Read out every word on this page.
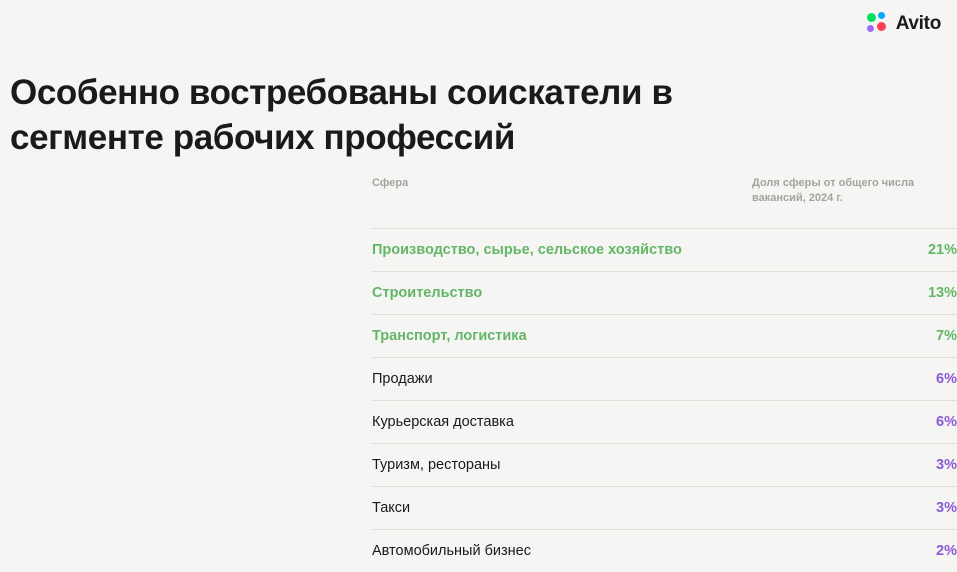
Avito
Особенно востребованы соискатели в сегменте рабочих профессий
Сфера	Доля сферы от общего числа вакансий, 2024 г.
Производство, сырье, сельское хозяйство	21%
Строительство	13%
Транспорт, логистика	7%
Продажи	6%
Курьерская доставка	6%
Туризм, рестораны	3%
Такси	3%
Автомобильный бизнес	2%
